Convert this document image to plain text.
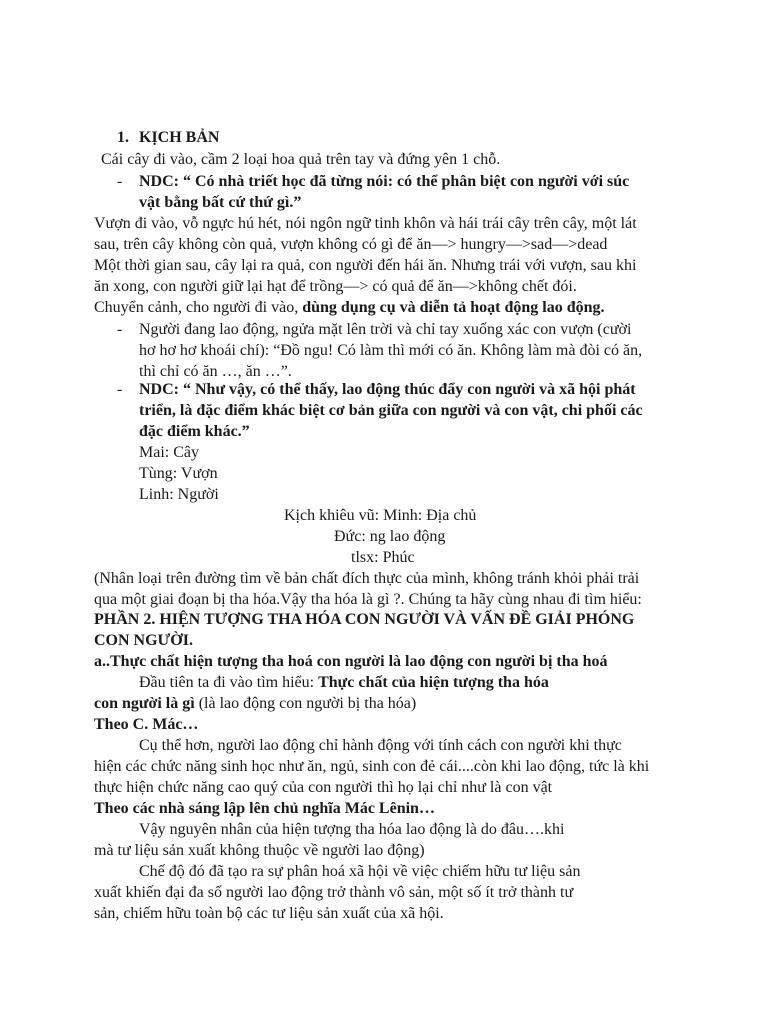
1. KỊCH BẢN
Cái cây đi vào, cầm 2 loại hoa quả trên tay và đứng yên 1 chỗ.
- NDC: “ Có nhà triết học đã từng nói: có thể phân biệt con người với súc
vật bằng bất cứ thứ gì.”
Vượn đi vào, vỗ ngực hú hét, nói ngôn ngữ tinh khôn và hái trái cây trên cây, một lát
sau, trên cây không còn quả, vượn không có gì để ăn—> hungry—>sad—>dead
Một thời gian sau, cây lại ra quả, con người đến hái ăn. Nhưng trái với vượn, sau khi
ăn xong, con người giữ lại hạt để trồng—> có quả để ăn—>không chết đói.
Chuyển cảnh, cho người đi vào, dùng dụng cụ và diễn tả hoạt động lao động.
- Người đang lao động, ngửa mặt lên trời và chỉ tay xuống xác con vượn (cười
hơ hơ hơ khoái chí): “Đồ ngu! Có làm thì mới có ăn. Không làm mà đòi có ăn,
thì chỉ có ăn …, ăn …”.
- NDC: “ Như vậy, có thể thấy, lao động thúc đẩy con người và xã hội phát
triển, là đặc điểm khác biệt cơ bản giữa con người và con vật, chi phối các
đặc điểm khác.”
Mai: Cây
Tùng: Vượn
Linh: Người
Kịch khiêu vũ: Minh: Địa chủ
Đức: ng lao động
tlsx: Phúc
(Nhân loại trên đường tìm về bản chất đích thực của mình, không tránh khỏi phải trải
qua một giai đoạn bị tha hóa.Vậy tha hóa là gì ?. Chúng ta hãy cùng nhau đi tìm hiểu:
PHẦN 2. HIỆN TƯỢNG THA HÓA CON NGƯỜI VÀ VẤN ĐỀ GIẢI PHÓNG
CON NGƯỜI.
a..Thực chất hiện tượng tha hoá con người là lao động con người bị tha hoá
Đầu tiên ta đi vào tìm hiểu: Thực chất của hiện tượng tha hóa
con người là gì (là lao động con người bị tha hóa)
Theo C. Mác…
Cụ thể hơn, người lao động chỉ hành động với tính cách con người khi thực
hiện các chức năng sinh học như ăn, ngủ, sinh con đẻ cái....còn khi lao động, tức là khi
thực hiện chức năng cao quý của con người thì họ lại chỉ như là con vật
Theo các nhà sáng lập lên chủ nghĩa Mác Lênin…
Vậy nguyên nhân của hiện tượng tha hóa lao động là do đâu….khi
mà tư liệu sản xuất không thuộc về người lao động)
Chế độ đó đã tạo ra sự phân hoá xã hội về việc chiếm hữu tư liệu sản
xuất khiến đại đa số người lao động trở thành vô sản, một số ít trở thành tư
sản, chiếm hữu toàn bộ các tư liệu sản xuất của xã hội.
